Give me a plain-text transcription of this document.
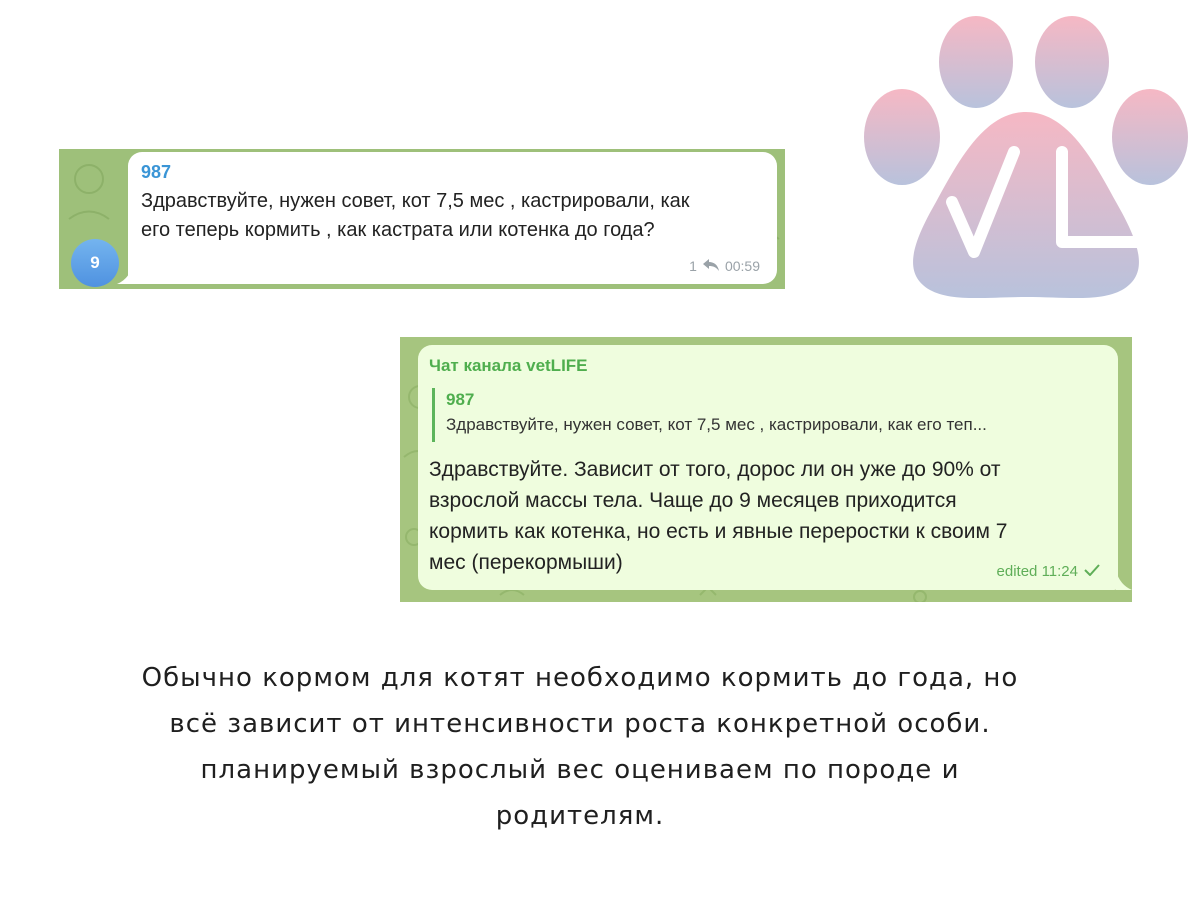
9
987
Здравствуйте, нужен совет, кот 7,5 мес , кастрировали, как
его теперь кормить , как кастрата или котенка до года?
1 00:59
Чат канала vetLIFE
987
Здравствуйте, нужен совет, кот 7,5 мес , кастрировали, как его теп...
Здравствуйте. Зависит от того, дорос ли он уже до 90% от
взрослой массы тела. Чаще до 9 месяцев приходится
кормить как котенка, но есть и явные переростки к своим 7
мес (перекормыши)	edited 11:24
Обычно кормом для котят необходимо кормить до года, но
всё зависит от интенсивности роста конкретной особи.
планируемый взрослый вес оцениваем по породе и
родителям.
